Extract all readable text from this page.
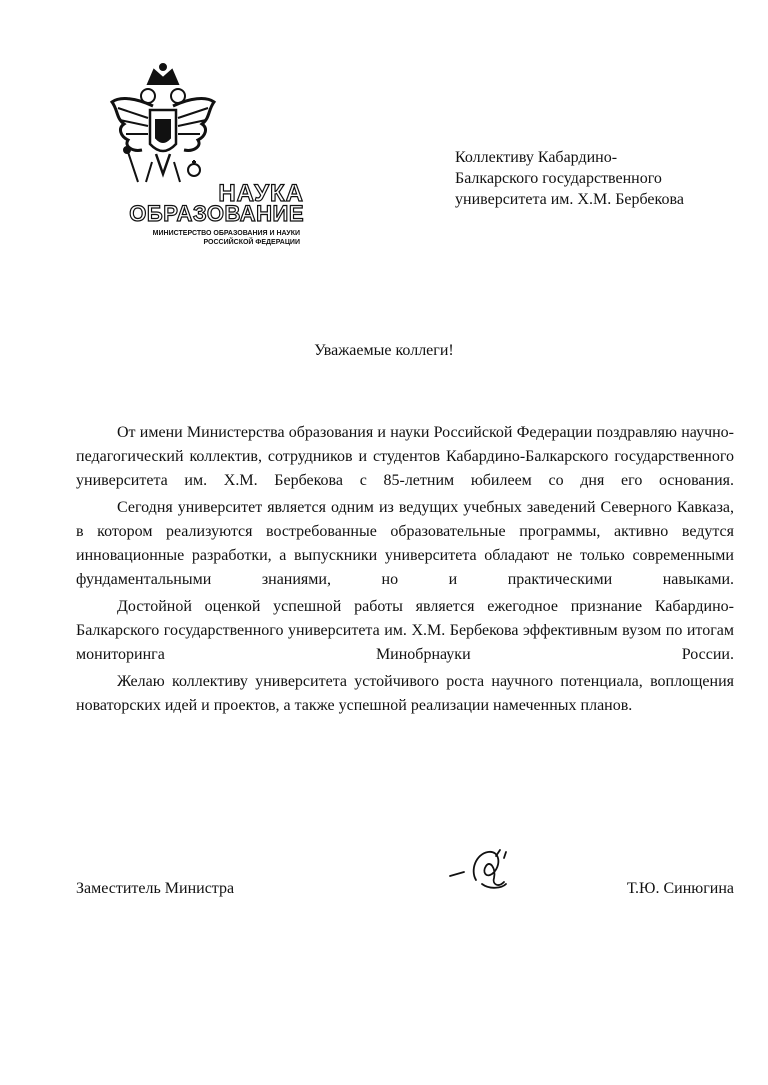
НАУКА
ОБРАЗОВАНИЕ
МИНИСТЕРСТВО ОБРАЗОВАНИЯ И НАУКИ
РОССИЙСКОЙ ФЕДЕРАЦИИ
Коллективу Кабардино-
Балкарского государственного
университета им. Х.М. Бербекова
Уважаемые коллеги!

От имени Министерства образования и науки Российской Федерации поздравляю научно-педагогический коллектив, сотрудников и студентов Кабардино-Балкарского государственного университета им. Х.М. Бербекова с 85-летним юбилеем со дня его основания.

Сегодня университет является одним из ведущих учебных заведений Северного Кавказа, в котором реализуются востребованные образовательные программы, активно ведутся инновационные разработки, а выпускники университета обладают не только современными фундаментальными знаниями, но и практическими навыками.

Достойной оценкой успешной работы является ежегодное признание Кабардино-Балкарского государственного университета им. Х.М. Бербекова эффективным вузом по итогам мониторинга Минобрнауки России.

Желаю коллективу университета устойчивого роста научного потенциала, воплощения новаторских идей и проектов, а также успешной реализации намеченных планов.

Заместитель Министра	Т.Ю. Синюгина
